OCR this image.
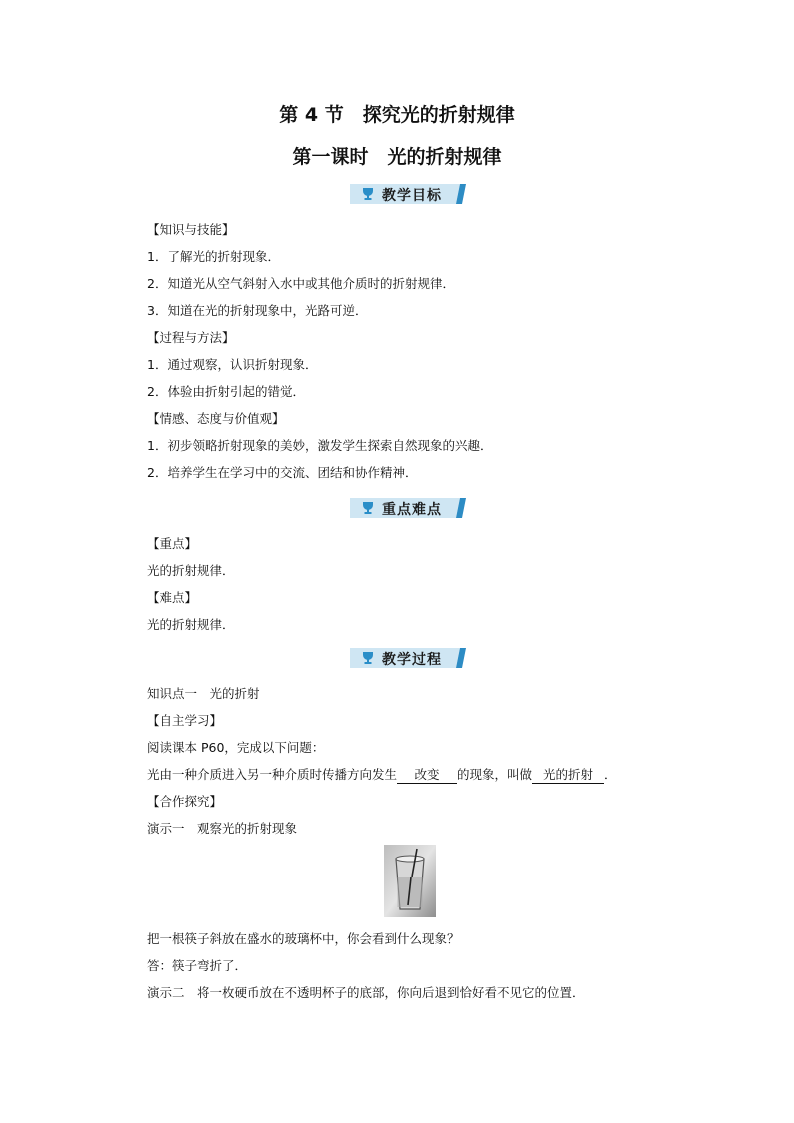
第 4 节　探究光的折射规律
第一课时　光的折射规律
教学目标
【知识与技能】
1．了解光的折射现象．
2．知道光从空气斜射入水中或其他介质时的折射规律．
3．知道在光的折射现象中，光路可逆．
【过程与方法】
1．通过观察，认识折射现象．
2．体验由折射引起的错觉．
【情感、态度与价值观】
1．初步领略折射现象的美妙，激发学生探索自然现象的兴趣．
2．培养学生在学习中的交流、团结和协作精神．
重点难点
【重点】
光的折射规律．
【难点】
光的折射规律．
教学过程
知识点一　光的折射
【自主学习】
阅读课本 P60，完成以下问题：
光由一种介质进入另一种介质时传播方向发生 改变 的现象，叫做 光的折射 ．
【合作探究】
演示一　观察光的折射现象
把一根筷子斜放在盛水的玻璃杯中，你会看到什么现象？
答：筷子弯折了．
演示二　将一枚硬币放在不透明杯子的底部，你向后退到恰好看不见它的位置．
